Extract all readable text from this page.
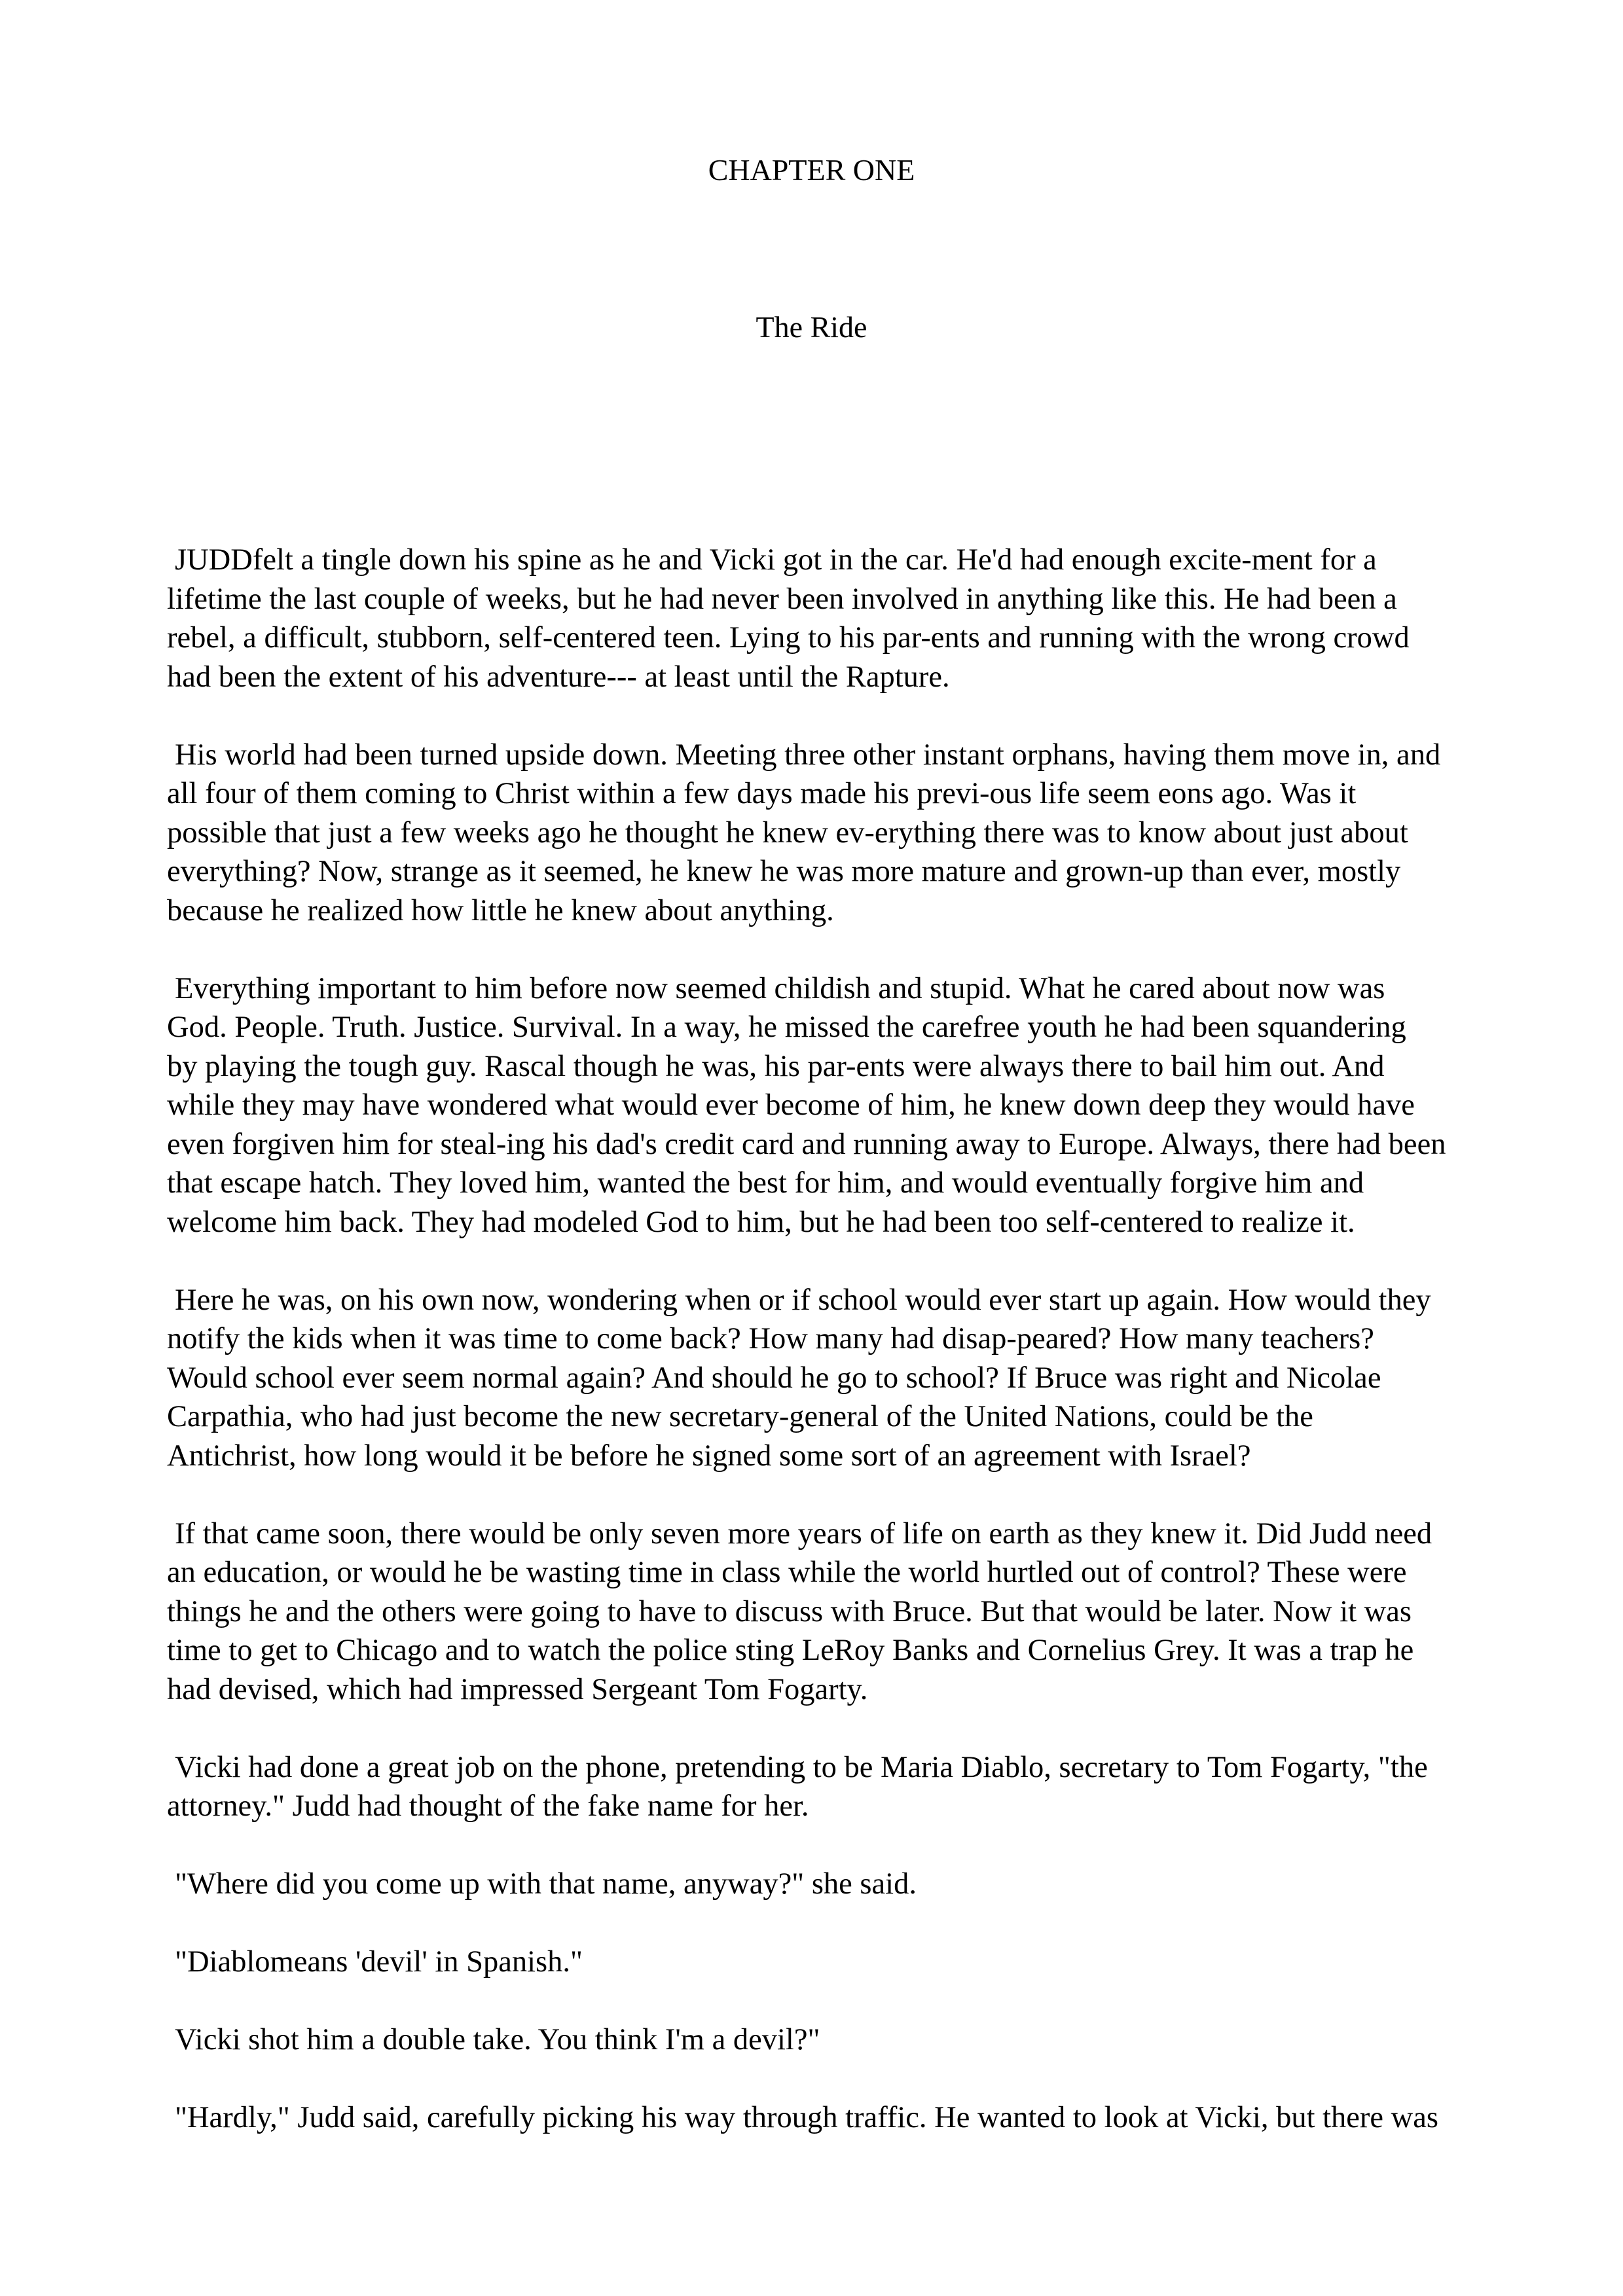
CHAPTER ONE
The Ride

JUDDfelt a tingle down his spine as he and Vicki got in the car. He'd had enough excite-ment for a
lifetime the last couple of weeks, but he had never been involved in anything like this. He had been a
rebel, a difficult, stubborn, self-centered teen. Lying to his par-ents and running with the wrong crowd
had been the extent of his adventure--- at least until the Rapture.

His world had been turned upside down. Meeting three other instant orphans, having them move in, and
all four of them coming to Christ within a few days made his previ-ous life seem eons ago. Was it
possible that just a few weeks ago he thought he knew ev-erything there was to know about just about
everything? Now, strange as it seemed, he knew he was more mature and grown-up than ever, mostly
because he realized how little he knew about anything.

Everything important to him before now seemed childish and stupid. What he cared about now was
God. People. Truth. Justice. Survival. In a way, he missed the carefree youth he had been squandering
by playing the tough guy. Rascal though he was, his par-ents were always there to bail him out. And
while they may have wondered what would ever become of him, he knew down deep they would have
even forgiven him for steal-ing his dad's credit card and running away to Europe. Always, there had been
that escape hatch. They loved him, wanted the best for him, and would eventually forgive him and
welcome him back. They had modeled God to him, but he had been too self-centered to realize it.

Here he was, on his own now, wondering when or if school would ever start up again. How would they
notify the kids when it was time to come back? How many had disap-peared? How many teachers?
Would school ever seem normal again? And should he go to school? If Bruce was right and Nicolae
Carpathia, who had just become the new secretary-general of the United Nations, could be the
Antichrist, how long would it be before he signed some sort of an agreement with Israel?

If that came soon, there would be only seven more years of life on earth as they knew it. Did Judd need
an education, or would he be wasting time in class while the world hurtled out of control? These were
things he and the others were going to have to discuss with Bruce. But that would be later. Now it was
time to get to Chicago and to watch the police sting LeRoy Banks and Cornelius Grey. It was a trap he
had devised, which had impressed Sergeant Tom Fogarty.

Vicki had done a great job on the phone, pretending to be Maria Diablo, secretary to Tom Fogarty, "the
attorney." Judd had thought of the fake name for her.

"Where did you come up with that name, anyway?" she said.

"Diablomeans 'devil' in Spanish."

Vicki shot him a double take. You think I'm a devil?"

"Hardly," Judd said, carefully picking his way through traffic. He wanted to look at Vicki, but there was
